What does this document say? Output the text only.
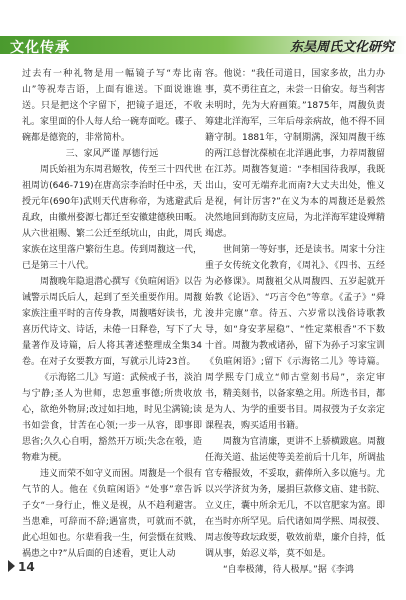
文化传承	东吴周氏文化研究

过去有一种礼物是用一幅镜子写“寿比南山”等祝寿吉语，上面有谁送。下面说谁谁送。只是把这个字留下，把镜子退还，不收礼。家里面的仆人每人给一碗寿面吃。碟子、碗都是德瓷的，非常简朴。

三、家风严谨 厚德行远

周氏始祖为东周君姬牧，传至三十四代世祖周访(646-719)在唐高宗李治时任中丞，天授元年(690年)武则天代唐称帝，为逃避武后乱政，由徽州婺源七都迁至安徽建德秧田畈。从六世祖赐、繁二公迁至纸坑山，由此，周氏家族在这里落户繁衍生息。传到周馥这一代，已是第三十八代。

周馥晚年隐退潜心撰写《负暄闲语》以告诫警示周氏后人，起到了至关重要作用。周馥家族注重平时的言传身教，周馥嗜好读书，尤喜历代诗文、诗话，未倦一日释卷，写下了大量著作及诗篇，后人将其著述整理成全集34卷。在对子女要教方面，写就示儿诗23首。

《示海铭二儿》写道：武候戒子书，淡泊与宁静;圣人为世师，忠恕重事德;所贵收放心，欲绝外物屏;改过如扫地，时见尘满镜;读书如尝食，甘苦在心领;一步一从容，即事即思省;久久心自明，豁然开万顷;失念在彀，造物难为梗。

违义而荣不如守义而困。周馥是一个很有气节的人。他在《负暄闲语》“处事”章告诉子女“一身行止，惟义是视，从不趋利避害。当患难，可辞而不辞;遇富贵，可就而不就，此心坦如也。尔辈看我一生，何尝慑在贫贱、祸患之中?”从后面的自述看，更让人动

容。他说：“我任司道日，国家多故，出力办事，莫不勇往直之，未尝一日偷安。每当利害未明时，先为大府画策。”1875年，周馥负责筹建北洋海军，三年后母亲病故，他不得不回籍守制。1881年，守制期满，深知周馥干练的两江总督沈葆桢在北洋遇此事，力荐周馥留在江苏。周馥答复道：“李相国待我厚，我既出山，安可无端弃北而南?大丈夫出处，惟义是视，何计厉害?”在义为本的周馥还是毅然决然地回到海防支应局，为北洋海军建设殚精竭虑。

世间第一等好事，还是读书。周家十分注重子女传统文化教育，《周礼》、《四书、五经为必修课》。周馥祖父从周馥四、五岁起就开始教《论语》、“巧言令色”等章。《孟子》“舜浚井完廪”章。待五、六岁常以浅俗诗歌教导，如“身安茅屋稳”、“性定菜根香”不下数十首。周馥为教戒诸孙，留下为孙子习家宝训《负暄闲语》;留下《示海铭二儿》等诗篇。周学熙专门成立“师古堂刻书局”，亲定审书，精美刻书，以备家塾之用。所选书目，都是为人、为学的重要书目。周叔弢为子女亲定课程表，购买适用书籍。

周馥为官清廉，更讲不上骄横跋扈。周馥任海关道、盐运使等美差前后十几年，所调盐官专稽报效，不妥取，薪俸所入多以施与。尤以兴学济贫为务，屡捐巨款修文庙、建书院、立义庄，囊中所余无几，不以官肥家为富。即在当时亦所罕见。后代诸如周学熙、周叔弢、周志俊等政坛政要，敬效前辈，廉介自持，低调从事，始忍义举，莫不如是。

“自奉极薄，待人极厚。”据《李鸿

14
